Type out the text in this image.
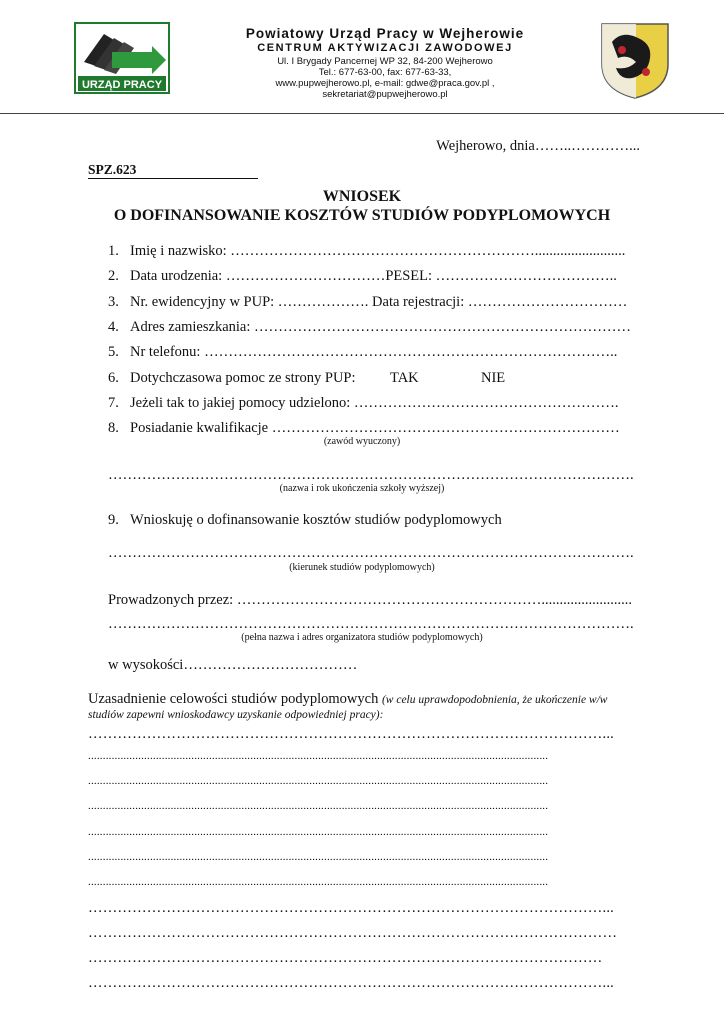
URZĄD PRACY
Powiatowy Urząd Pracy w Wejherowie
CENTRUM AKTYWIZACJI ZAWODOWEJ
Ul. I Brygady Pancernej WP 32, 84-200 Wejherowo
Tel.: 677-63-00, fax: 677-63-33,
www.pupwejherowo.pl, e-mail: gdwe@praca.gov.pl ,
sekretariat@pupwejherowo.pl
Wejherowo, dnia……..…………...
SPZ.623
WNIOSEK
O DOFINANSOWANIE KOSZTÓW STUDIÓW PODYPLOMOWYCH
1. Imię i nazwisko: ……………………………………………………….........................
2. Data urodzenia: ……………………………PESEL: ………………………………..
3. Nr. ewidencyjny w PUP: ………………. Data rejestracji: ……………………………
4. Adres zamieszkania: ……………………………………………………………………
5. Nr telefonu: …………………………………………………………………………..
6. Dotychczasowa pomoc ze strony PUP: TAK	NIE
7. Jeżeli tak to jakiej pomocy udzielono: ……………………………………………….
8. Posiadanie kwalifikacje ………………………………………………………………
(zawód wyuczony)
……………………………………………………………………………………………….
(nazwa i rok ukończenia szkoły wyższej)
9. Wnioskuję o dofinansowanie kosztów studiów podyplomowych
……………………………………………………………………………………………….
(kierunek studiów podyplomowych)
Prowadzonych przez: ……………………………………………………….........................
……………………………………………………………………………………………….
(pełna nazwa i adres organizatora studiów podyplomowych)
w wysokości………………………………
Uzasadnienie celowości studiów podyplomowych (w celu uprawdopodobnienia, że ukończenie w/w
studiów zapewni wnioskodawcy uzyskanie odpowiedniej pracy):
……………………………………………………………………………………………...
............................................................................................................................................................
............................................................................................................................................................
............................................................................................................................................................
............................................................................................................................................................
............................................................................................................................................................
............................................................................................................................................................
……………………………………………………………………………………………...
………………………………………………………………………………………………
……………………………………………………………………………………………
……………………………………………………………………………………………...
